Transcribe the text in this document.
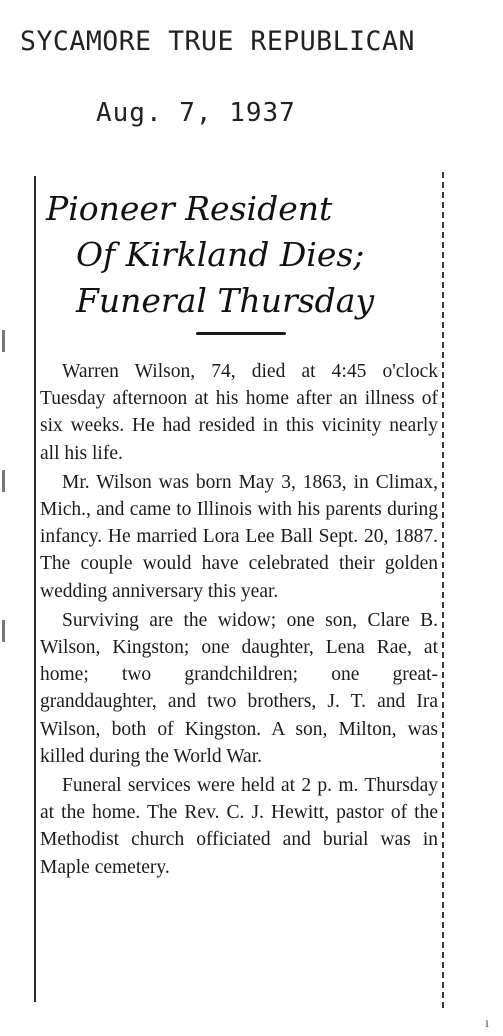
SYCAMORE TRUE REPUBLICAN
Aug. 7, 1937
Pioneer Resident
Of Kirkland Dies;
Funeral Thursday

Warren Wilson, 74, died at 4:45 o'clock Tuesday afternoon at his home after an illness of six weeks. He had resided in this vicinity nearly all his life.

Mr. Wilson was born May 3, 1863, in Climax, Mich., and came to Illinois with his parents during infancy. He married Lora Lee Ball Sept. 20, 1887. The couple would have celebrated their golden wedding anniversary this year.

Surviving are the widow; one son, Clare B. Wilson, Kingston; one daughter, Lena Rae, at home; two grandchildren; one great-granddaughter, and two brothers, J. T. and Ira Wilson, both of Kingston. A son, Milton, was killed during the World War.

Funeral services were held at 2 p. m. Thursday at the home. The Rev. C. J. Hewitt, pastor of the Methodist church officiated and burial was in Maple cemetery.

ı
